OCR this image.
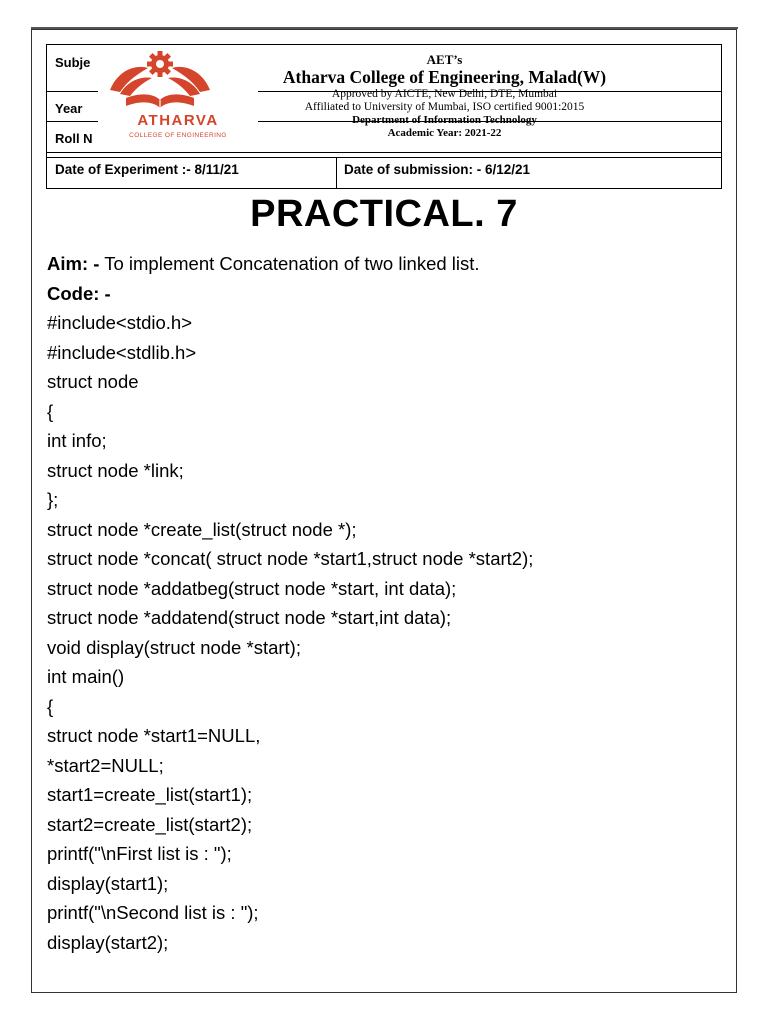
Subje
Year
Roll N
Date of Experiment :- 8/11/21	Date of submission: - 6/12/21
ATHARVA
COLLEGE OF ENGINEERING
AET’s
Atharva College of Engineering, Malad(W)
Approved by AICTE, New Delhi, DTE, Mumbai
Affiliated to University of Mumbai, ISO certified 9001:2015
Department of Information Technology
Academic Year: 2021-22
PRACTICAL. 7
Aim: - To implement Concatenation of two linked list.
Code: -
#include<stdio.h>
#include<stdlib.h>
struct node
{
int info;
struct node *link;
};
struct node *create_list(struct node *);
struct node *concat( struct node *start1,struct node *start2);
struct node *addatbeg(struct node *start, int data);
struct node *addatend(struct node *start,int data);
void display(struct node *start);
int main()
{
struct node *start1=NULL,
*start2=NULL;
start1=create_list(start1);
start2=create_list(start2);
printf("\nFirst list is : ");
display(start1);
printf("\nSecond list is : ");
display(start2);
